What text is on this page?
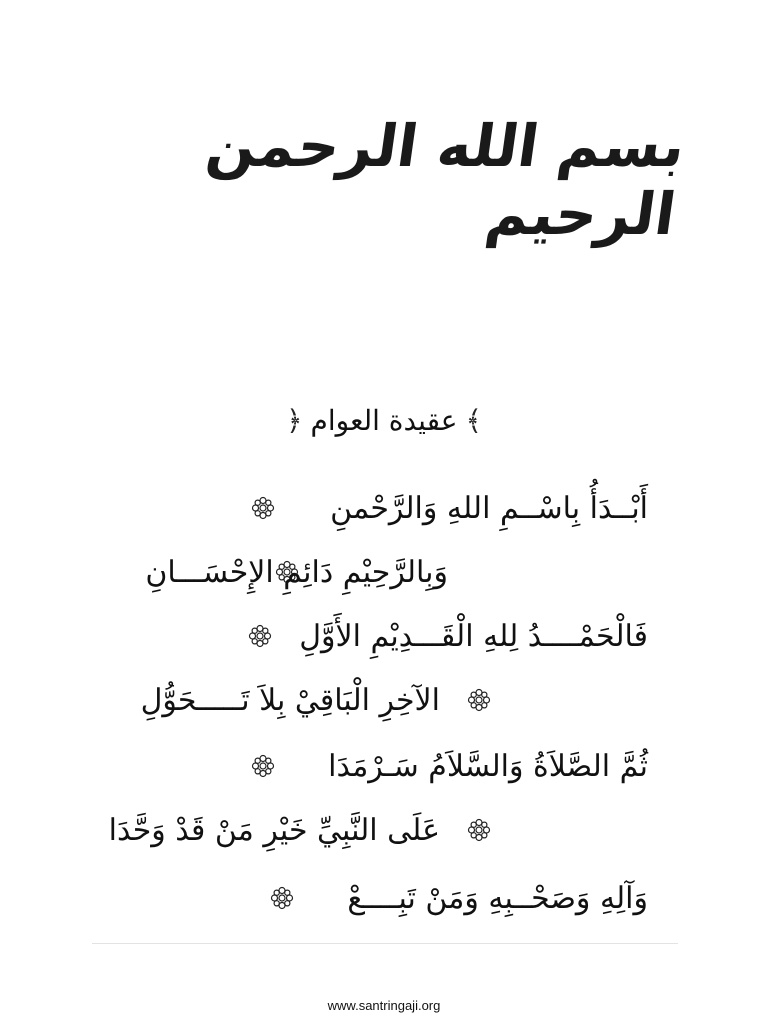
بسم الله الرحمن الرحيم
﴾
عقيدة العوام
﴿
أَبْــدَأُ بِاسْــمِ اللهِ وَالرَّحْمنِ
وَبِالرَّحِيْمِ دَائِمِ الإِحْسَـــانِ
فَالْحَمْــــدُ لِلهِ الْقَـــدِيْمِ الأَوَّلِ
الآخِرِ الْبَاقِيْ بِلاَ تَـــــحَوُّلِ
ثُمَّ الصَّلاَةُ وَالسَّلاَمُ سَـرْمَدَا
عَلَى النَّبِيِّ خَيْرِ مَنْ قَدْ وَحَّدَا
وَآلِهِ وَصَحْــبِهِ وَمَنْ تَبِــــعْ
www.santringaji.org
